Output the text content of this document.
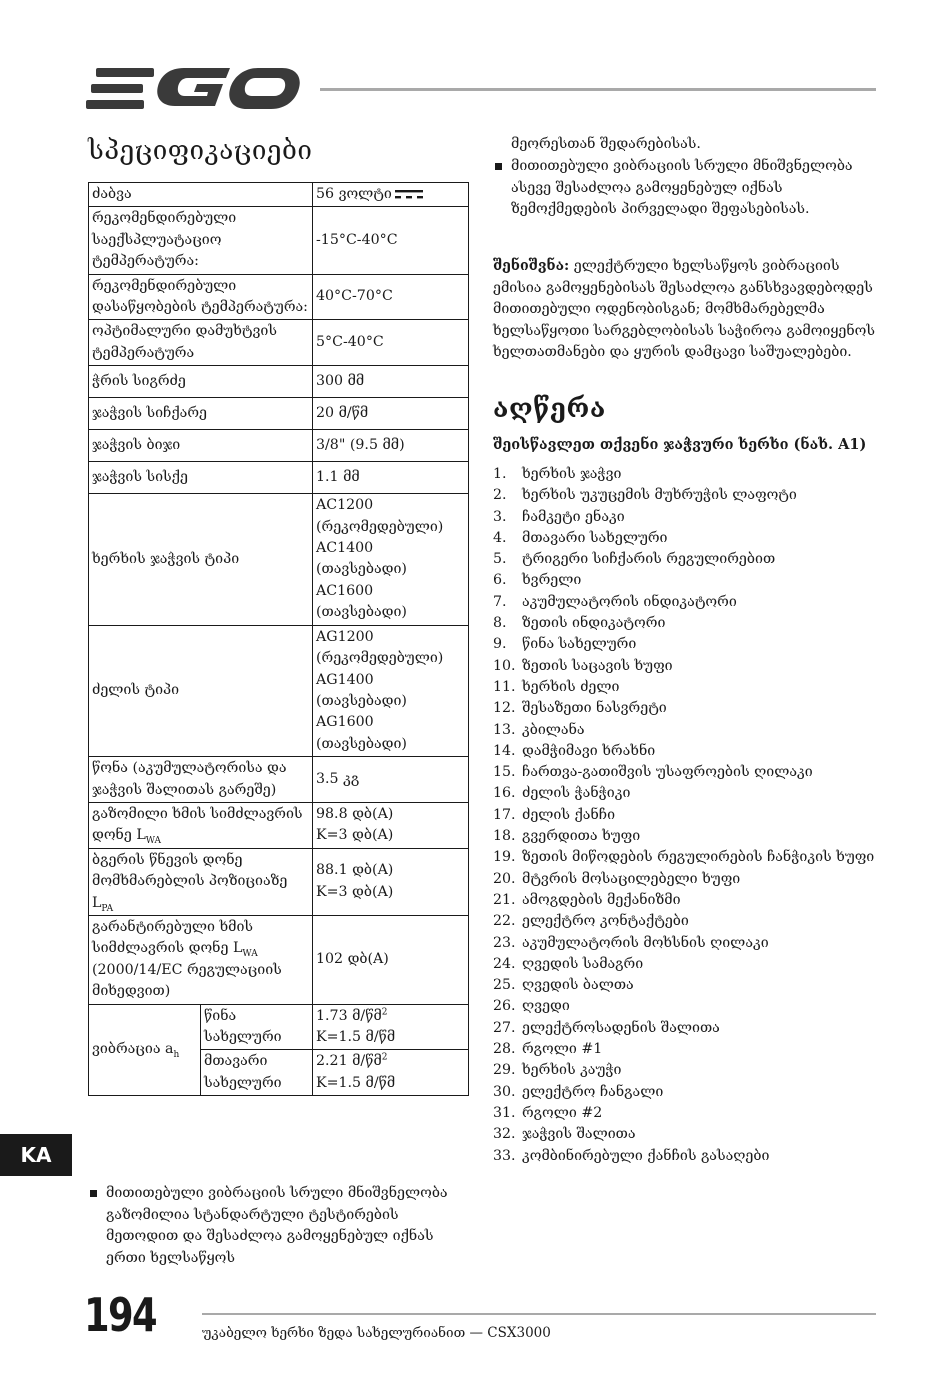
სპეციფიკაციები
ძაბვა		56 ვოლტი
რეკომენდირებული საექსპლუატაციო ტემპერატურა:		-15°C-40°C
რეკომენდირებული დასაწყობების ტემპერატურა:		40°C-70°C
ოპტიმალური დამუხტვის ტემპერატურა		5°C-40°C
ჭრის სიგრძე		300 მმ
ჯაჭვის სიჩქარე		20 მ/წმ
ჯაჭვის ბიჯი		3/8" (9.5 მმ)
ჯაჭვის სისქე		1.1 მმ
ხერხის ჯაჭვის ტიპი		AC1200 (რეკომედებული) AC1400 (თავსებადი) AC1600 (თავსებადი)
ძელის ტიპი		AG1200 (რეკომედებული) AG1400 (თავსებადი) AG1600 (თავსებადი)
წონა (აკუმულატორისა და ჯაჭვის შალითას გარეშე)		3.5 კგ
გაზომილი ხმის სიმძლავრის დონე $L_{WA}$		98.8 დბ(A)
K=3 დბ(A)
ბგერის წნევის დონე მომხმარებლის პოზიციაზე $L_{PA}$		88.1 დბ(A)
K=3 დბ(A)
გარანტირებული ხმის სიმძლავრის დონე $L_{WA}$ (2000/14/EC რეგულაციის მიხედვით)		102 დბ(A)
ვიბრაცია $a_h$	წინა სახელური	1.73 მ/წმ$^2$
K=1.5 მ/წმ
	მთავარი სახელური	2.21 მ/წმ$^2$
K=1.5 მ/წმ
მითითებული ვიბრაციის სრული მნიშვნელობა გაზომილია სტანდარტული ტესტირების მეთოდით და შესაძლოა გამოყენებულ იქნას ერთი ხელსაწყოს
მეორესთან შედარებისას.
მითითებული ვიბრაციის სრული მნიშვნელობა ასევე შესაძლოა გამოყენებულ იქნას ზემოქმედების პირველადი შეფასებისას.

შენიშვნა: ელექტრული ხელსაწყოს ვიბრაციის ემისია გამოყენებისას შესაძლოა განსხვავდებოდეს მითითებული ოდენობისგან; მომხმარებელმა ხელსაწყოთი სარგებლობისას საჭიროა გამოიყენოს ხელთათმანები და ყურის დამცავი საშუალებები.

აღწერა
შეისწავლეთ თქვენი ჯაჭვური ხერხი (ნახ. A1)
1. ხერხის ჯაჭვი
2. ხერხის უკუცემის მუხრუჭის ლაფოტი
3. ჩამკეტი ენაკი
4. მთავარი სახელური
5. ტრიგერი სიჩქარის რეგულირებით
6. ხვრელი
7. აკუმულატორის ინდიკატორი
8. ზეთის ინდიკატორი
9. წინა სახელური
10. ზეთის საცავის ხუფი
11. ხერხის ძელი
12. შესაზეთი ნასვრეტი
13. კბილანა
14. დამჭიმავი ხრახნი
15. ჩართვა-გათიშვის უსაფროების ღილაკი
16. ძელის ჭანჭიკი
17. ძელის ქანჩი
18. გვერდითა ხუფი
19. ზეთის მიწოდების რეგულირების ჩანჭიკის ხუფი
20. მტვრის მოსაცილებელი ხუფი
21. ამოგდების მექანიზმი
22. ელექტრო კონტაქტები
23. აკუმულატორის მოხსნის ღილაკი
24. ღვედის სამაგრი
25. ღვედის ბალთა
26. ღვედი
27. ელექტროსადენის შალითა
28. რგოლი #1
29. ხერხის კაუჭი
30. ელექტრო ჩანგალი
31. რგოლი #2
32. ჯაჭვის შალითა
33. კომბინირებული ქანჩის გასაღები
KA
194	უკაბელო ხერხი ზედა სახელურიანით — CSX3000
